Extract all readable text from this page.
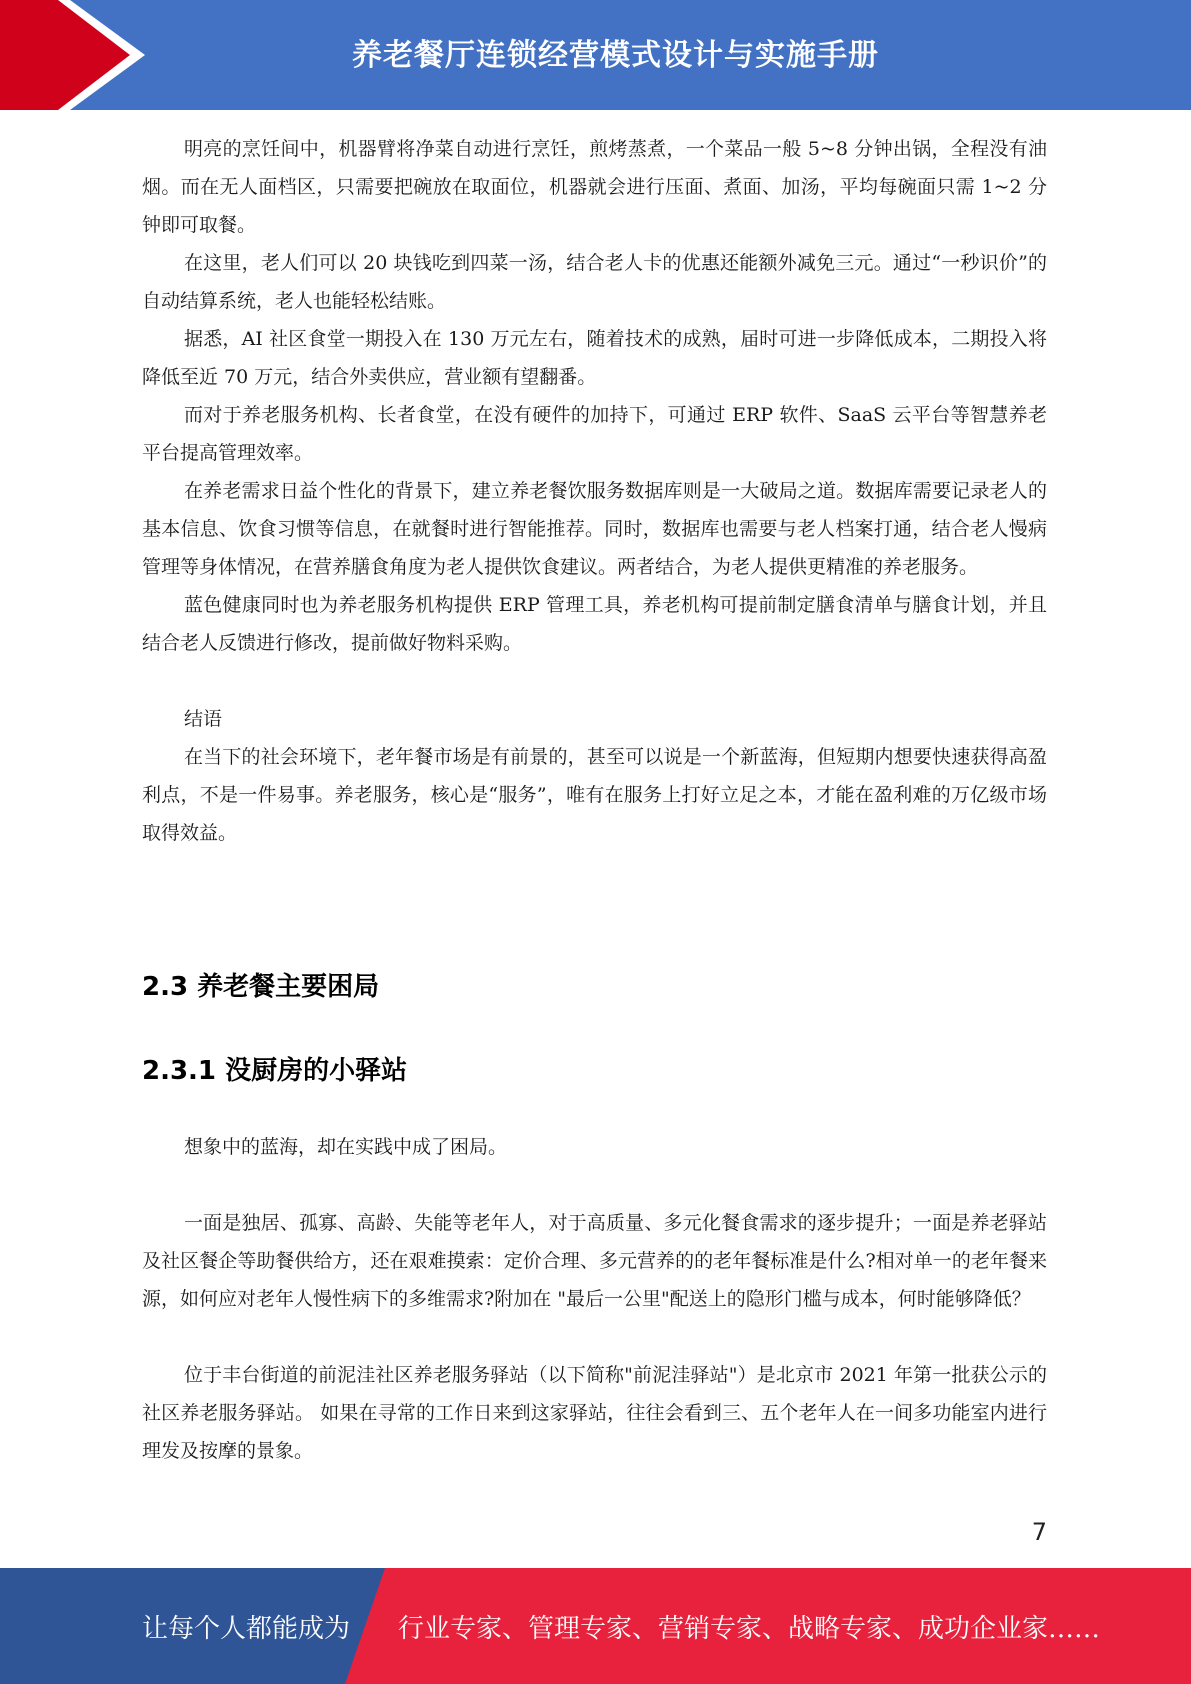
养老餐厅连锁经营模式设计与实施手册

明亮的烹饪间中，机器臂将净菜自动进行烹饪，煎烤蒸煮，一个菜品一般 5~8 分钟出锅，全程没有油烟。而在无人面档区，只需要把碗放在取面位，机器就会进行压面、煮面、加汤，平均每碗面只需 1~2 分钟即可取餐。

在这里，老人们可以 20 块钱吃到四菜一汤，结合老人卡的优惠还能额外减免三元。通过“一秒识价”的自动结算系统，老人也能轻松结账。

据悉，AI 社区食堂一期投入在 130 万元左右，随着技术的成熟，届时可进一步降低成本，二期投入将降低至近 70 万元，结合外卖供应，营业额有望翻番。

而对于养老服务机构、长者食堂，在没有硬件的加持下，可通过 ERP 软件、SaaS 云平台等智慧养老平台提高管理效率。

在养老需求日益个性化的背景下，建立养老餐饮服务数据库则是一大破局之道。数据库需要记录老人的基本信息、饮食习惯等信息，在就餐时进行智能推荐。同时，数据库也需要与老人档案打通，结合老人慢病管理等身体情况，在营养膳食角度为老人提供饮食建议。两者结合，为老人提供更精准的养老服务。

蓝色健康同时也为养老服务机构提供 ERP 管理工具，养老机构可提前制定膳食清单与膳食计划，并且结合老人反馈进行修改，提前做好物料采购。

结语

在当下的社会环境下，老年餐市场是有前景的，甚至可以说是一个新蓝海，但短期内想要快速获得高盈利点，不是一件易事。养老服务，核心是“服务”，唯有在服务上打好立足之本，才能在盈利难的万亿级市场取得效益。

2.3 养老餐主要困局
2.3.1 没厨房的小驿站

想象中的蓝海，却在实践中成了困局。

一面是独居、孤寡、高龄、失能等老年人，对于高质量、多元化餐食需求的逐步提升；一面是养老驿站及社区餐企等助餐供给方，还在艰难摸索：定价合理、多元营养的的老年餐标准是什么?相对单一的老年餐来源，如何应对老年人慢性病下的多维需求?附加在 "最后一公里"配送上的隐形门槛与成本，何时能够降低？

位于丰台街道的前泥洼社区养老服务驿站（以下简称"前泥洼驿站"）是北京市 2021 年第一批获公示的社区养老服务驿站。 如果在寻常的工作日来到这家驿站，往往会看到三、五个老年人在一间多功能室内进行理发及按摩的景象。

7
让每个人都能成为 行业专家、管理专家、营销专家、战略专家、成功企业家……
